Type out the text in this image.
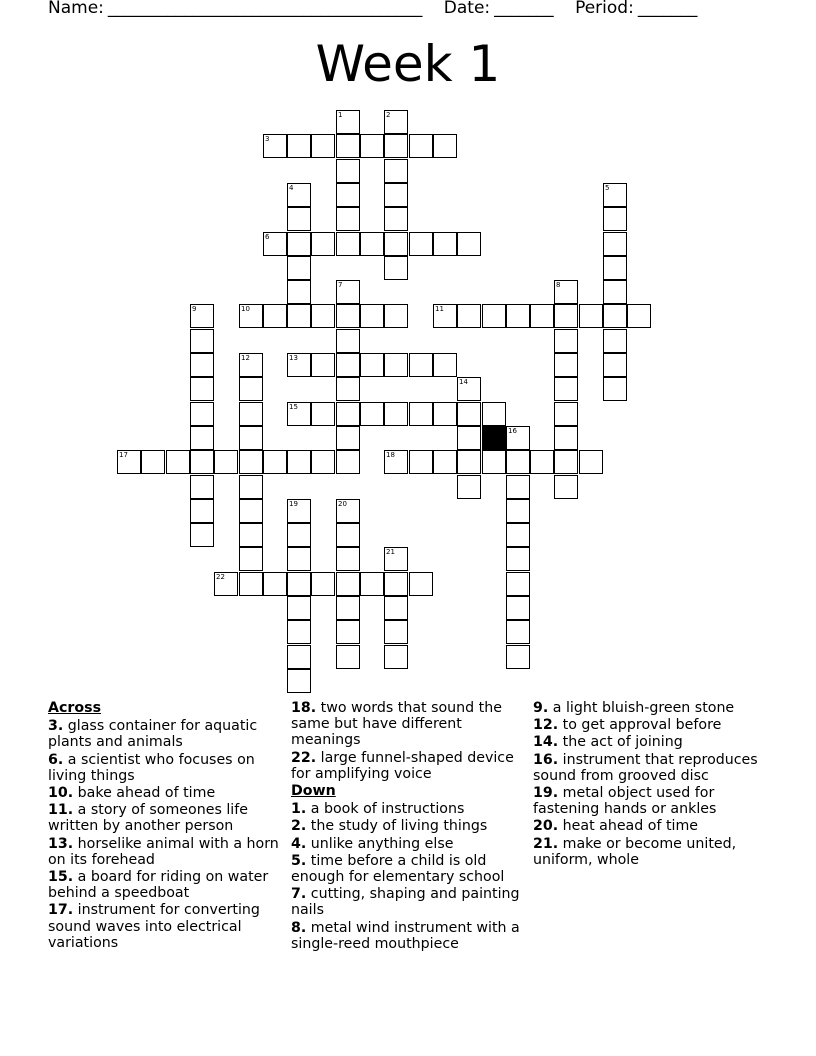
Name: _____________________________________ Date: _______ Period: _______
Week 1
3
6
10	11
13
15
17	18
22
1	2
4	5
7	8
9
12
14
16
19	20
21
Across
3. glass container for aquatic plants and animals
6. a scientist who focuses on living things
10. bake ahead of time
11. a story of someones life written by another person
13. horselike animal with a horn on its forehead
15. a board for riding on water behind a speedboat
17. instrument for converting sound waves into electrical variations
18. two words that sound the same but have different meanings
22. large funnel-shaped device for amplifying voice
Down
1. a book of instructions
2. the study of living things
4. unlike anything else
5. time before a child is old enough for elementary school
7. cutting, shaping and painting nails
8. metal wind instrument with a single-reed mouthpiece
9. a light bluish-green stone
12. to get approval before
14. the act of joining
16. instrument that reproduces sound from grooved disc
19. metal object used for fastening hands or ankles
20. heat ahead of time
21. make or become united, uniform, whole
